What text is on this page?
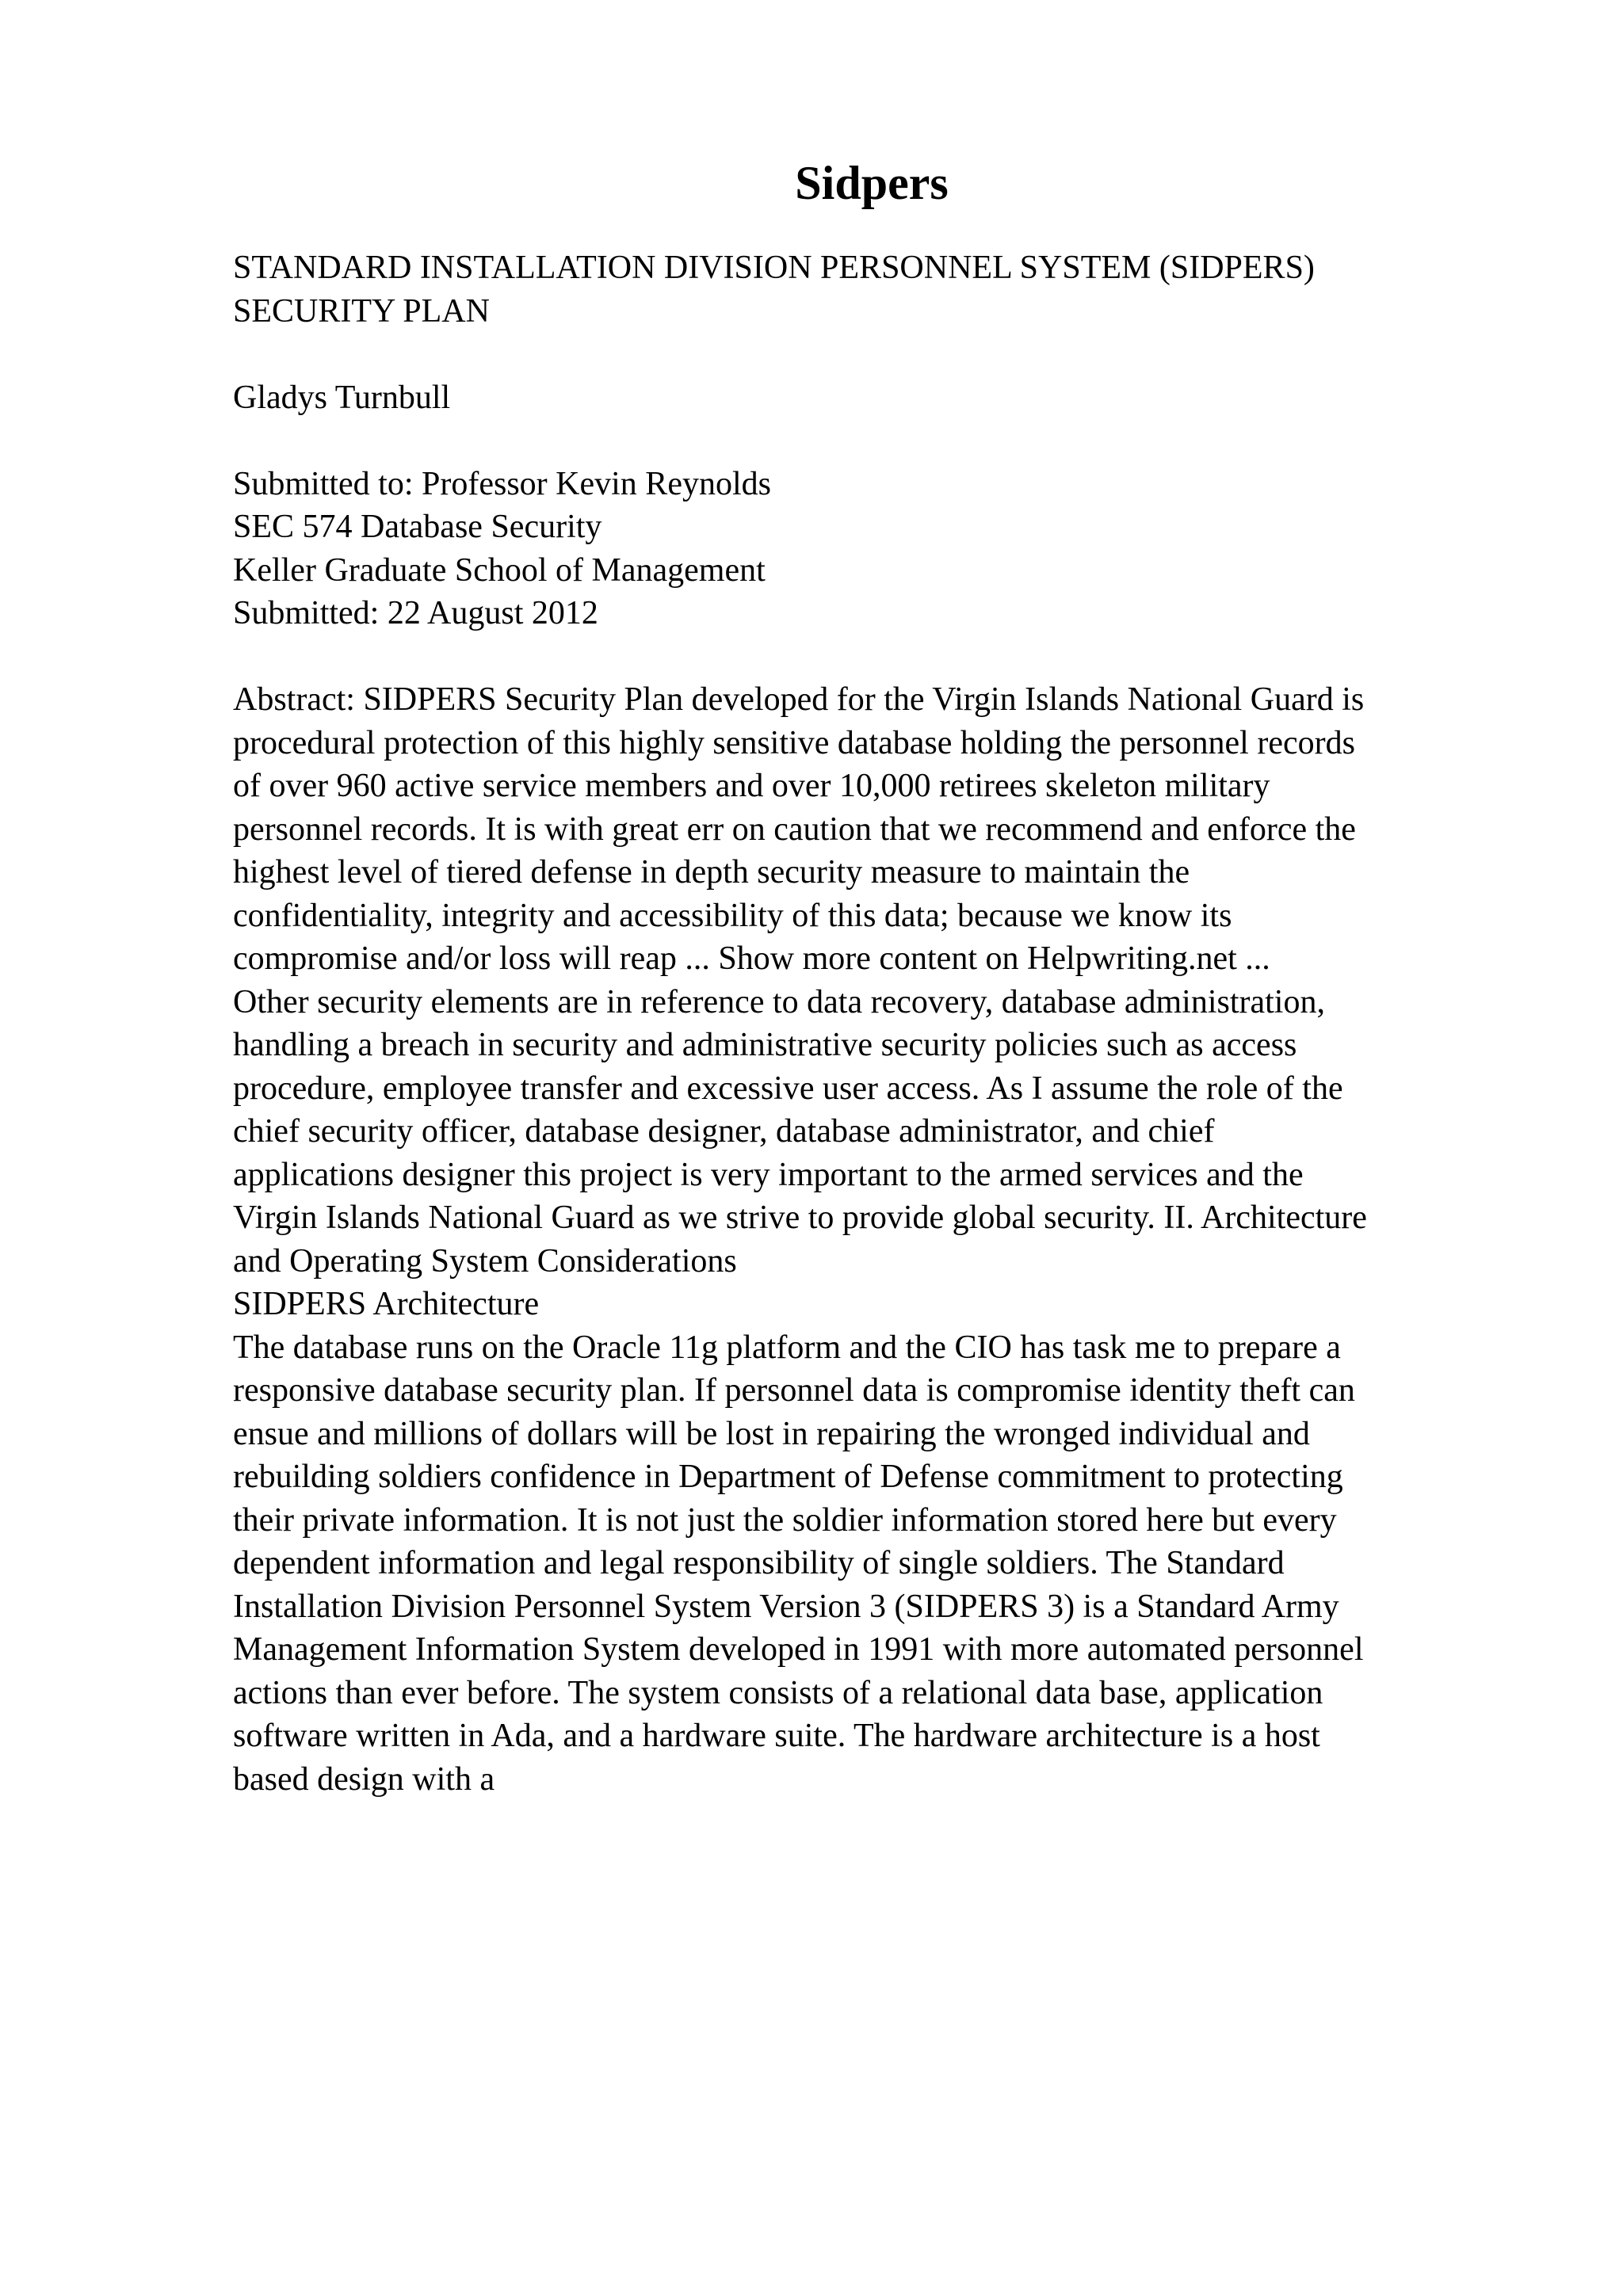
Sidpers
STANDARD INSTALLATION DIVISION PERSONNEL SYSTEM (SIDPERS)
SECURITY PLAN
Gladys Turnbull
Submitted to: Professor Kevin Reynolds
SEC 574 Database Security
Keller Graduate School of Management
Submitted: 22 August 2012
Abstract: SIDPERS Security Plan developed for the Virgin Islands National Guard is
procedural protection of this highly sensitive database holding the personnel records
of over 960 active service members and over 10,000 retirees skeleton military
personnel records. It is with great err on caution that we recommend and enforce the
highest level of tiered defense in depth security measure to maintain the
confidentiality, integrity and accessibility of this data; because we know its
compromise and/or loss will reap ... Show more content on Helpwriting.net ...
Other security elements are in reference to data recovery, database administration,
handling a breach in security and administrative security policies such as access
procedure, employee transfer and excessive user access. As I assume the role of the
chief security officer, database designer, database administrator, and chief
applications designer this project is very important to the armed services and the
Virgin Islands National Guard as we strive to provide global security. II. Architecture
and Operating System Considerations
SIDPERS Architecture
The database runs on the Oracle 11g platform and the CIO has task me to prepare a
responsive database security plan. If personnel data is compromise identity theft can
ensue and millions of dollars will be lost in repairing the wronged individual and
rebuilding soldiers confidence in Department of Defense commitment to protecting
their private information. It is not just the soldier information stored here but every
dependent information and legal responsibility of single soldiers. The Standard
Installation Division Personnel System Version 3 (SIDPERS 3) is a Standard Army
Management Information System developed in 1991 with more automated personnel
actions than ever before. The system consists of a relational data base, application
software written in Ada, and a hardware suite. The hardware architecture is a host
based design with a
